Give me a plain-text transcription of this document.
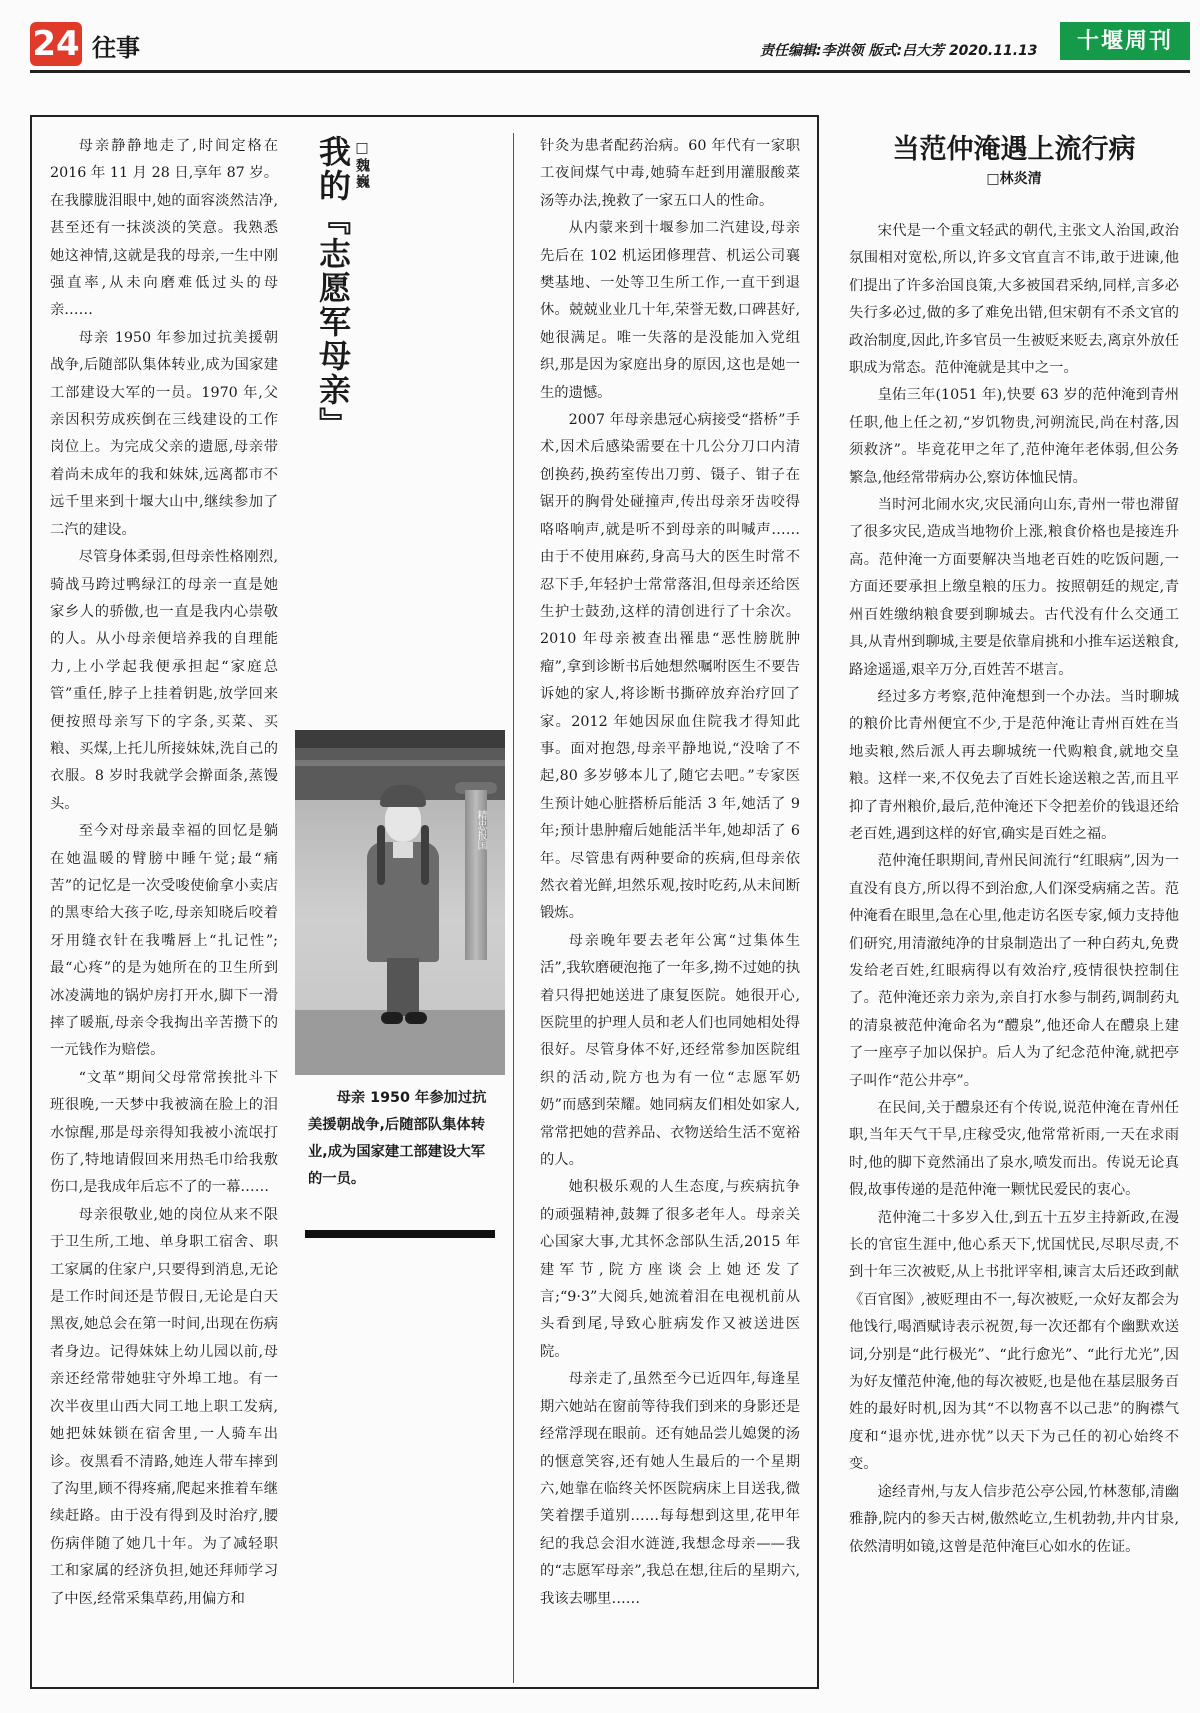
24 往事	责任编辑:李洪领 版式:吕大芳 2020.11.13	十堰周刊

母亲静静地走了,时间定格在 2016 年 11 月 28 日,享年 87 岁。在我朦胧泪眼中,她的面容淡然洁净,甚至还有一抹淡淡的笑意。我熟悉她这神情,这就是我的母亲,一生中刚强直率,从未向磨难低过头的母亲……

母亲 1950 年参加过抗美援朝战争,后随部队集体转业,成为国家建工部建设大军的一员。1970 年,父亲因积劳成疾倒在三线建设的工作岗位上。为完成父亲的遗愿,母亲带着尚未成年的我和妹妹,远离都市不远千里来到十堰大山中,继续参加了二汽的建设。

尽管身体柔弱,但母亲性格刚烈,骑战马跨过鸭绿江的母亲一直是她家乡人的骄傲,也一直是我内心崇敬的人。从小母亲便培养我的自理能力,上小学起我便承担起“家庭总管”重任,脖子上挂着钥匙,放学回来便按照母亲写下的字条,买菜、买粮、买煤,上托儿所接妹妹,洗自己的衣服。8 岁时我就学会擀面条,蒸馒头。

至今对母亲最幸福的回忆是躺在她温暖的臂膀中睡午觉;最“痛苦”的记忆是一次受唆使偷拿小卖店的黑枣给大孩子吃,母亲知晓后咬着牙用缝衣针在我嘴唇上“扎记性”;最“心疼”的是为她所在的卫生所到冰凌满地的锅炉房打开水,脚下一滑摔了暖瓶,母亲令我掏出辛苦攒下的一元钱作为赔偿。

“文革”期间父母常常挨批斗下班很晚,一天梦中我被滴在脸上的泪水惊醒,那是母亲得知我被小流氓打伤了,特地请假回来用热毛巾给我敷伤口,是我成年后忘不了的一幕……

母亲很敬业,她的岗位从来不限于卫生所,工地、单身职工宿舍、职工家属的住家户,只要得到消息,无论是工作时间还是节假日,无论是白天黑夜,她总会在第一时间,出现在伤病者身边。记得妹妹上幼儿园以前,母亲还经常带她驻守外埠工地。有一次半夜里山西大同工地上职工发病,她把妹妹锁在宿舍里,一人骑车出诊。夜黑看不清路,她连人带车摔到了沟里,顾不得疼痛,爬起来推着车继续赶路。由于没有得到及时治疗,腰伤病伴随了她几十年。为了减轻职工和家属的经济负担,她还拜师学习了中医,经常采集草药,用偏方和

我的『志愿军母亲』 □魏巍
精忠报国
母亲 1950 年参加过抗美援朝战争,后随部队集体转业,成为国家建工部建设大军的一员。

针灸为患者配药治病。60 年代有一家职工夜间煤气中毒,她骑车赶到用灌服酸菜汤等办法,挽救了一家五口人的性命。

从内蒙来到十堰参加二汽建设,母亲先后在 102 机运团修理营、机运公司襄樊基地、一处等卫生所工作,一直干到退休。兢兢业业几十年,荣誉无数,口碑甚好,她很满足。唯一失落的是没能加入党组织,那是因为家庭出身的原因,这也是她一生的遗憾。

2007 年母亲患冠心病接受“搭桥”手术,因术后感染需要在十几公分刀口内清创换药,换药室传出刀剪、镊子、钳子在锯开的胸骨处碰撞声,传出母亲牙齿咬得咯咯响声,就是听不到母亲的叫喊声……由于不使用麻药,身高马大的医生时常不忍下手,年轻护士常常落泪,但母亲还给医生护士鼓劲,这样的清创进行了十余次。2010 年母亲被查出罹患“恶性膀胱肿瘤”,拿到诊断书后她想然嘱咐医生不要告诉她的家人,将诊断书撕碎放弃治疗回了家。2012 年她因尿血住院我才得知此事。面对抱怨,母亲平静地说,“没啥了不起,80 多岁够本儿了,随它去吧。”专家医生预计她心脏搭桥后能活 3 年,她活了 9 年;预计患肿瘤后她能活半年,她却活了 6 年。尽管患有两种要命的疾病,但母亲依然衣着光鲜,坦然乐观,按时吃药,从未间断锻炼。

母亲晚年要去老年公寓“过集体生活”,我软磨硬泡拖了一年多,拗不过她的执着只得把她送进了康复医院。她很开心,医院里的护理人员和老人们也同她相处得很好。尽管身体不好,还经常参加医院组织的活动,院方也为有一位“志愿军奶奶”而感到荣耀。她同病友们相处如家人,常常把她的营养品、衣物送给生活不宽裕的人。

她积极乐观的人生态度,与疾病抗争的顽强精神,鼓舞了很多老年人。母亲关心国家大事,尤其怀念部队生活,2015 年建军节,院方座谈会上她还发了言;“9·3”大阅兵,她流着泪在电视机前从头看到尾,导致心脏病发作又被送进医院。

母亲走了,虽然至今已近四年,每逢星期六她站在窗前等待我们到来的身影还是经常浮现在眼前。还有她品尝儿媳煲的汤的惬意笑容,还有她人生最后的一个星期六,她靠在临终关怀医院病床上目送我,微笑着摆手道别……每每想到这里,花甲年纪的我总会泪水涟涟,我想念母亲——我的“志愿军母亲”,我总在想,往后的星期六,我该去哪里……

当范仲淹遇上流行病
□林炎清

宋代是一个重文轻武的朝代,主张文人治国,政治氛围相对宽松,所以,许多文官直言不讳,敢于进谏,他们提出了许多治国良策,大多被国君采纳,同样,言多必失行多必过,做的多了难免出错,但宋朝有不杀文官的政治制度,因此,许多官员一生被贬来贬去,离京外放任职成为常态。范仲淹就是其中之一。

皇佑三年(1051 年),快要 63 岁的范仲淹到青州任职,他上任之初,“岁饥物贵,河朔流民,尚在村落,因须救济”。毕竟花甲之年了,范仲淹年老体弱,但公务繁急,他经常带病办公,察访体恤民情。

当时河北闹水灾,灾民涌向山东,青州一带也滞留了很多灾民,造成当地物价上涨,粮食价格也是接连升高。范仲淹一方面要解决当地老百姓的吃饭问题,一方面还要承担上缴皇粮的压力。按照朝廷的规定,青州百姓缴纳粮食要到聊城去。古代没有什么交通工具,从青州到聊城,主要是依靠肩挑和小推车运送粮食,路途遥遥,艰辛万分,百姓苦不堪言。

经过多方考察,范仲淹想到一个办法。当时聊城的粮价比青州便宜不少,于是范仲淹让青州百姓在当地卖粮,然后派人再去聊城统一代购粮食,就地交皇粮。这样一来,不仅免去了百姓长途送粮之苦,而且平抑了青州粮价,最后,范仲淹还下令把差价的钱退还给老百姓,遇到这样的好官,确实是百姓之福。

范仲淹任职期间,青州民间流行“红眼病”,因为一直没有良方,所以得不到治愈,人们深受病痛之苦。范仲淹看在眼里,急在心里,他走访名医专家,倾力支持他们研究,用清澈纯净的甘泉制造出了一种白药丸,免费发给老百姓,红眼病得以有效治疗,疫情很快控制住了。范仲淹还亲力亲为,亲自打水参与制药,调制药丸的清泉被范仲淹命名为“醴泉”,他还命人在醴泉上建了一座亭子加以保护。后人为了纪念范仲淹,就把亭子叫作“范公井亭”。

在民间,关于醴泉还有个传说,说范仲淹在青州任职,当年天气干旱,庄稼受灾,他常常祈雨,一天在求雨时,他的脚下竟然涌出了泉水,喷发而出。传说无论真假,故事传递的是范仲淹一颗忧民爱民的衷心。

范仲淹二十多岁入仕,到五十五岁主持新政,在漫长的官宦生涯中,他心系天下,忧国忧民,尽职尽责,不到十年三次被贬,从上书批评宰相,谏言太后还政到献《百官图》,被贬理由不一,每次被贬,一众好友都会为他饯行,喝酒赋诗表示祝贺,每一次还都有个幽默欢送词,分别是“此行极光”、“此行愈光”、“此行尤光”,因为好友懂范仲淹,他的每次被贬,也是他在基层服务百姓的最好时机,因为其“不以物喜不以己悲”的胸襟气度和“退亦忧,进亦忧”以天下为己任的初心始终不变。

途经青州,与友人信步范公亭公园,竹林葱郁,清幽雅静,院内的参天古树,傲然屹立,生机勃勃,井内甘泉,依然清明如镜,这曾是范仲淹巨心如水的佐证。
